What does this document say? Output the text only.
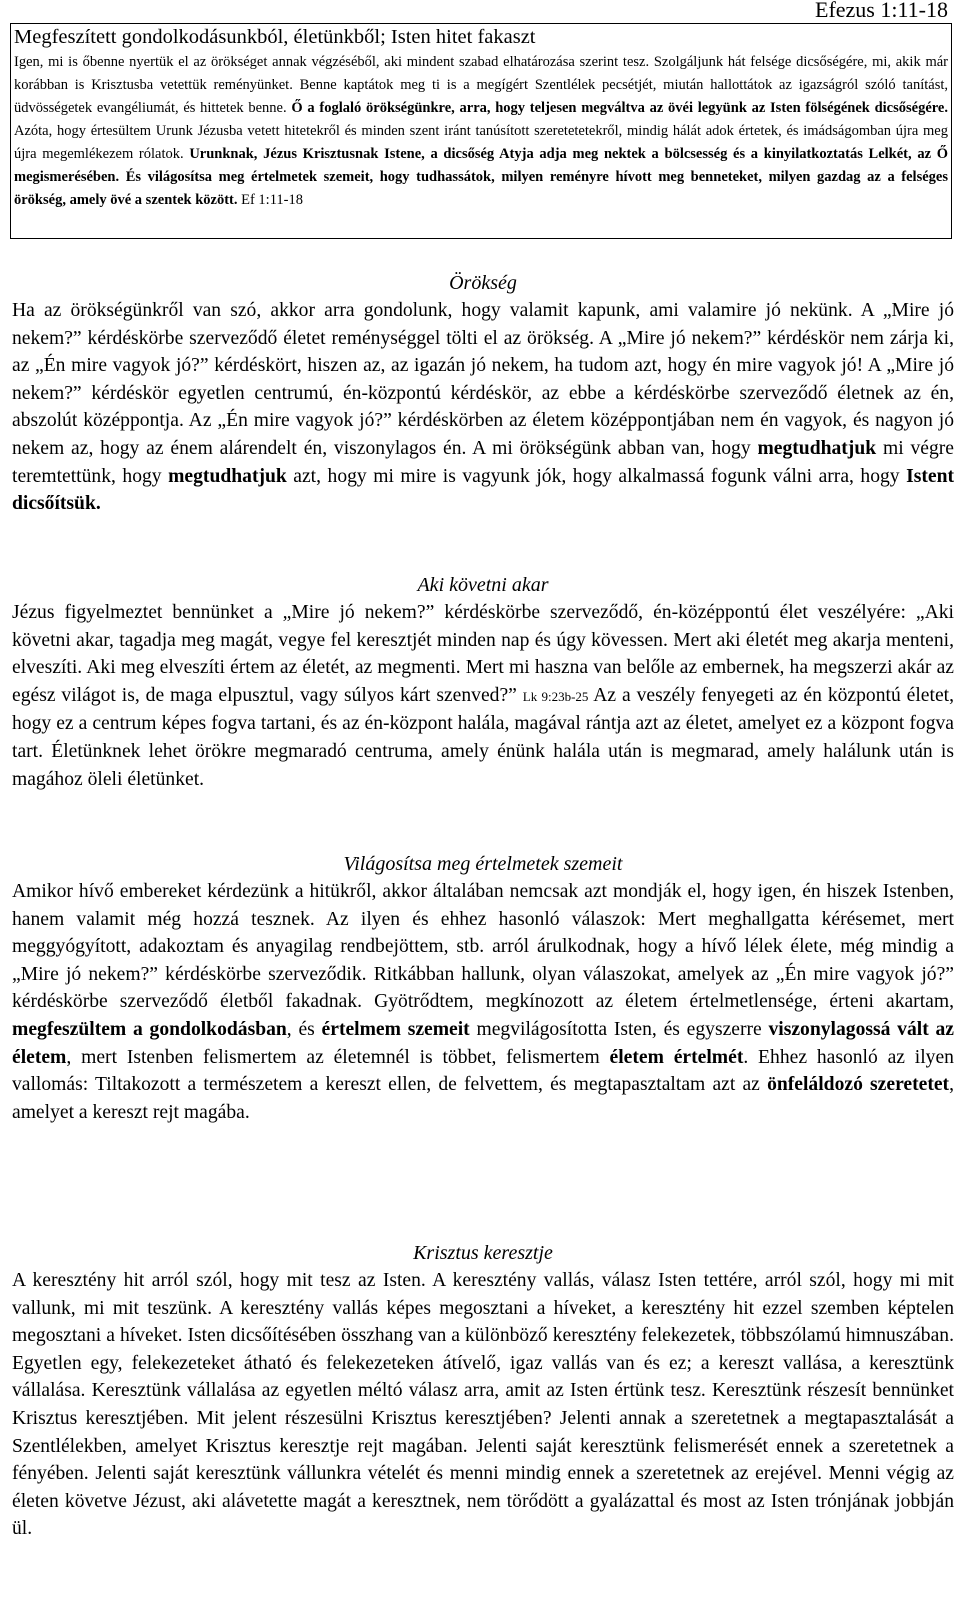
Efezus 1:11-18

Megfeszített gondolkodásunkból, életünkből; Isten hitet fakaszt

Igen, mi is őbenne nyertük el az örökséget annak végzéséből, aki mindent szabad elhatározása szerint tesz. Szolgáljunk hát felsége dicsőségére, mi, akik már korábban is Krisztusba vetettük reményünket. Benne kaptátok meg ti is a megígért Szentlélek pecsétjét, miután hallottátok az igazságról szóló tanítást, üdvösségetek evangéliumát, és hittetek benne. Ő a foglaló örökségünkre, arra, hogy teljesen megváltva az övéi legyünk az Isten fölségének dicsőségére. Azóta, hogy értesültem Urunk Jézusba vetett hitetekről és minden szent iránt tanúsított szeretetetekről, mindig hálát adok értetek, és imádságomban újra meg újra megemlékezem rólatok. Urunknak, Jézus Krisztusnak Istene, a dicsőség Atyja adja meg nektek a bölcsesség és a kinyilatkoztatás Lelkét, az Ő megismerésében. És világosítsa meg értelmetek szemeit, hogy tudhassátok, milyen reményre hívott meg benneteket, milyen gazdag az a felséges örökség, amely övé a szentek között. Ef 1:11-18

Örökség

Ha az örökségünkről van szó, akkor arra gondolunk, hogy valamit kapunk, ami valamire jó nekünk. A „Mire jó nekem?” kérdéskörbe szerveződő életet reménységgel tölti el az örökség. A „Mire jó nekem?” kérdéskör nem zárja ki, az „Én mire vagyok jó?” kérdéskört, hiszen az, az igazán jó nekem, ha tudom azt, hogy én mire vagyok jó! A „Mire jó nekem?” kérdéskör egyetlen centrumú, én-központú kérdéskör, az ebbe a kérdéskörbe szerveződő életnek az én, abszolút középpontja. Az „Én mire vagyok jó?” kérdéskörben az életem középpontjában nem én vagyok, és nagyon jó nekem az, hogy az énem alárendelt én, viszonylagos én. A mi örökségünk abban van, hogy megtudhatjuk mi végre teremtettünk, hogy megtudhatjuk azt, hogy mi mire is vagyunk jók, hogy alkalmassá fogunk válni arra, hogy Istent dicsőítsük.

Aki követni akar

Jézus figyelmeztet bennünket a „Mire jó nekem?” kérdéskörbe szerveződő, én-középpontú élet veszélyére: „Aki követni akar, tagadja meg magát, vegye fel keresztjét minden nap és úgy kövessen. Mert aki életét meg akarja menteni, elveszíti. Aki meg elveszíti értem az életét, az megmenti. Mert mi haszna van belőle az embernek, ha megszerzi akár az egész világot is, de maga elpusztul, vagy súlyos kárt szenved?” Lk 9:23b-25 Az a veszély fenyegeti az én központú életet, hogy ez a centrum képes fogva tartani, és az én-központ halála, magával rántja azt az életet, amelyet ez a központ fogva tart. Életünknek lehet örökre megmaradó centruma, amely énünk halála után is megmarad, amely halálunk után is magához öleli életünket.

Világosítsa meg értelmetek szemeit

Amikor hívő embereket kérdezünk a hitükről, akkor általában nemcsak azt mondják el, hogy igen, én hiszek Istenben, hanem valamit még hozzá tesznek. Az ilyen és ehhez hasonló válaszok: Mert meghallgatta kérésemet, mert meggyógyított, adakoztam és anyagilag rendbejöttem, stb. arról árulkodnak, hogy a hívő lélek élete, még mindig a „Mire jó nekem?” kérdéskörbe szerveződik. Ritkábban hallunk, olyan válaszokat, amelyek az „Én mire vagyok jó?” kérdéskörbe szerveződő életből fakadnak. Gyötrődtem, megkínozott az életem értelmetlensége, érteni akartam, megfeszültem a gondolkodásban, és értelmem szemeit megvilágosította Isten, és egyszerre viszonylagossá vált az életem, mert Istenben felismertem az életemnél is többet, felismertem életem értelmét. Ehhez hasonló az ilyen vallomás: Tiltakozott a természetem a kereszt ellen, de felvettem, és megtapasztaltam azt az önfeláldozó szeretetet, amelyet a kereszt rejt magába.

Krisztus keresztje

A keresztény hit arról szól, hogy mit tesz az Isten. A keresztény vallás, válasz Isten tettére, arról szól, hogy mi mit vallunk, mi mit teszünk. A keresztény vallás képes megosztani a híveket, a keresztény hit ezzel szemben képtelen megosztani a híveket. Isten dicsőítésében összhang van a különböző keresztény felekezetek, többszólamú himnuszában. Egyetlen egy, felekezeteket átható és felekezeteken átívelő, igaz vallás van és ez; a kereszt vallása, a keresztünk vállalása. Keresztünk vállalása az egyetlen méltó válasz arra, amit az Isten értünk tesz. Keresztünk részesít bennünket Krisztus keresztjében. Mit jelent részesülni Krisztus keresztjében? Jelenti annak a szeretetnek a megtapasztalását a Szentlélekben, amelyet Krisztus keresztje rejt magában. Jelenti saját keresztünk felismerését ennek a szeretetnek a fényében. Jelenti saját keresztünk vállunkra vételét és menni mindig ennek a szeretetnek az erejével. Menni végig az életen követve Jézust, aki alávetette magát a keresztnek, nem törődött a gyalázattal és most az Isten trónjának jobbján ül.
